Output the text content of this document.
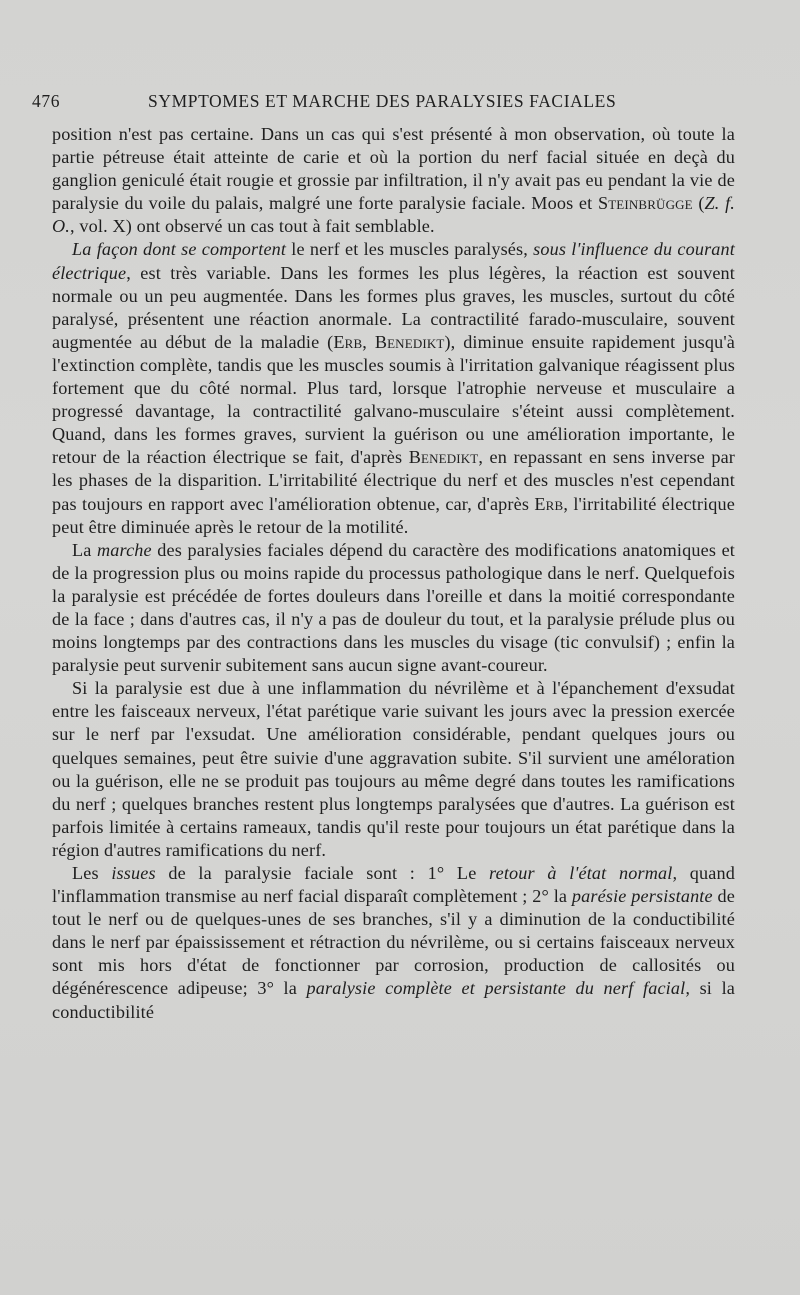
476	SYMPTOMES ET MARCHE DES PARALYSIES FACIALES

position n'est pas certaine. Dans un cas qui s'est présenté à mon observation, où toute la partie pétreuse était atteinte de carie et où la portion du nerf facial située en deçà du ganglion geniculé était rougie et grossie par infiltration, il n'y avait pas eu pendant la vie de paralysie du voile du palais, malgré une forte paralysie faciale. Moos et Steinbrügge (Z. f. O., vol. X) ont observé un cas tout à fait semblable.

La façon dont se comportent le nerf et les muscles paralysés, sous l'influence du courant électrique, est très variable. Dans les formes les plus légères, la réaction est souvent normale ou un peu augmentée. Dans les formes plus graves, les muscles, surtout du côté paralysé, présentent une réaction anormale. La contractilité farado-musculaire, souvent augmentée au début de la maladie (Erb, Benedikt), diminue ensuite rapidement jusqu'à l'extinction complète, tandis que les muscles soumis à l'irritation galvanique réagissent plus fortement que du côté normal. Plus tard, lorsque l'atrophie nerveuse et musculaire a progressé davantage, la contractilité galvano-musculaire s'éteint aussi complètement. Quand, dans les formes graves, survient la guérison ou une amélioration importante, le retour de la réaction électrique se fait, d'après Benedikt, en repassant en sens inverse par les phases de la disparition. L'irritabilité électrique du nerf et des muscles n'est cependant pas toujours en rapport avec l'amélioration obtenue, car, d'après Erb, l'irritabilité électrique peut être diminuée après le retour de la motilité.

La marche des paralysies faciales dépend du caractère des modifications anatomiques et de la progression plus ou moins rapide du processus pathologique dans le nerf. Quelquefois la paralysie est précédée de fortes douleurs dans l'oreille et dans la moitié correspondante de la face ; dans d'autres cas, il n'y a pas de douleur du tout, et la paralysie prélude plus ou moins longtemps par des contractions dans les muscles du visage (tic convulsif) ; enfin la paralysie peut survenir subitement sans aucun signe avant-coureur.

Si la paralysie est due à une inflammation du névrilème et à l'épanchement d'exsudat entre les faisceaux nerveux, l'état parétique varie suivant les jours avec la pression exercée sur le nerf par l'exsudat. Une amélioration considérable, pendant quelques jours ou quelques semaines, peut être suivie d'une aggravation subite. S'il survient une améloration ou la guérison, elle ne se produit pas toujours au même degré dans toutes les ramifications du nerf ; quelques branches restent plus longtemps paralysées que d'autres. La guérison est parfois limitée à certains rameaux, tandis qu'il reste pour toujours un état parétique dans la région d'autres ramifications du nerf.

Les issues de la paralysie faciale sont : 1° Le retour à l'état normal, quand l'inflammation transmise au nerf facial disparaît complètement ; 2° la parésie persistante de tout le nerf ou de quelques-unes de ses branches, s'il y a diminution de la conductibilité dans le nerf par épaississement et rétraction du névrilème, ou si certains faisceaux nerveux sont mis hors d'état de fonctionner par corrosion, production de callosités ou dégénérescence adipeuse; 3° la paralysie complète et persistante du nerf facial, si la conductibilité
